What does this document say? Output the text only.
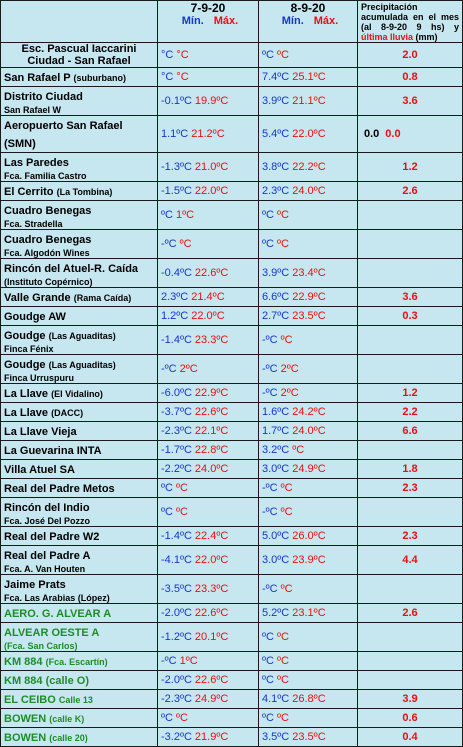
	7-9-20
Mín. Máx.	8-9-20
Mín. Máx.	Precipitación acumulada en el mes (al 8-9-20 9 hs) y última lluvia (mm)

Esc. Pascual Iaccarini Ciudad - San Rafael	°C °C	ºC ºC	2.0
San Rafael P (suburbano)	°C °C	7.4ºC 25.1ºC	0.8
Distrito Ciudad
San Rafael W	-0.1ºC 19.9ºC	3.9ºC 21.1ºC	3.6
Aeropuerto San Rafael (SMN)	1.1ºC 21.2ºC	5.4ºC 22.0ºC	0.0 0.0
Las Paredes
Fca. Familia Castro	-1.3ºC 21.0ºC	3.8ºC 22.2ºC	1.2
El Cerrito (La Tombina)	-1.5ºC 22.0ºC	2.3ºC 24.0ºC	2.6
Cuadro Benegas
Fca. Stradella	ºC 1ºC	ºC ºC	
Cuadro Benegas
Fca. Algodón Wines	-ºC ºC	ºC ºC	
Rincón del Atuel-R. Caída
(Instituto Copérnico)	-0.4ºC 22.6ºC	3.9ºC 23.4ºC	
Valle Grande (Rama Caída)	2.3ºC 21.4ºC	6.6ºC 22.9ºC	3.6
Goudge AW	1.2ºC 22.0ºC	2.7ºC 23.5ºC	0.3
Goudge (Las Aguaditas)
Finca Fénix	-1.4ºC 23.3ºC	-ºC ºC	
Goudge (Las Aguaditas)
Finca Urruspuru	-ºC 2ºC	-ºC 2ºC	
La Llave (El Vidalino)	-6.0ºC 22.9ºC	-ºC 2ºC	1.2
La Llave (DACC)	-3.7ºC 22.6ºC	1.6ºC 24.2ºC	2.2
La Llave Vieja	-2.3ºC 22.1ºC	1.7ºC 24.0ºC	6.6
La Guevarina INTA	-1.7ºC 22.8ºC	3.2ºC ºC	
Villa Atuel SA	-2.2ºC 24.0ºC	3.0ºC 24.9ºC	1.8
Real del Padre Metos	ºC ºC	-ºC ºC	2.3
Rincón del Indio
Fca. José Del Pozzo	ºC ºC	-ºC ºC	
Real del Padre W2	-1.4ºC 22.4ºC	5.0ºC 26.0ºC	2.3
Real del Padre A
Fca. A. Van Houten	-4.1ºC 22.0ºC	3.0ºC 23.9ºC	4.4
Jaime Prats
Fca. Las Arabias (López)	-3.5ºC 23.3ºC	-ºC ºC	
AERO. G. ALVEAR A	-2.0ºC 22.6ºC	5.2ºC 23.1ºC	2.6
ALVEAR OESTE A
(Fca. San Carlos)	-1.2ºC 20.1ºC	ºC ºC	
KM 884 (Fca. Escartín)	-ºC 1ºC	ºC ºC	
KM 884 (calle O)	-2.0ºC 22.6ºC	ºC ºC	
EL CEIBO Calle 13	-2.3ºC 24.9ºC	4.1ºC 26.8ºC	3.9
BOWEN (calle K)	ºC ºC	ºC ºC	0.6
BOWEN (calle 20)	-3.2ºC 21.9ºC	3.5ºC 23.5ºC	0.4
